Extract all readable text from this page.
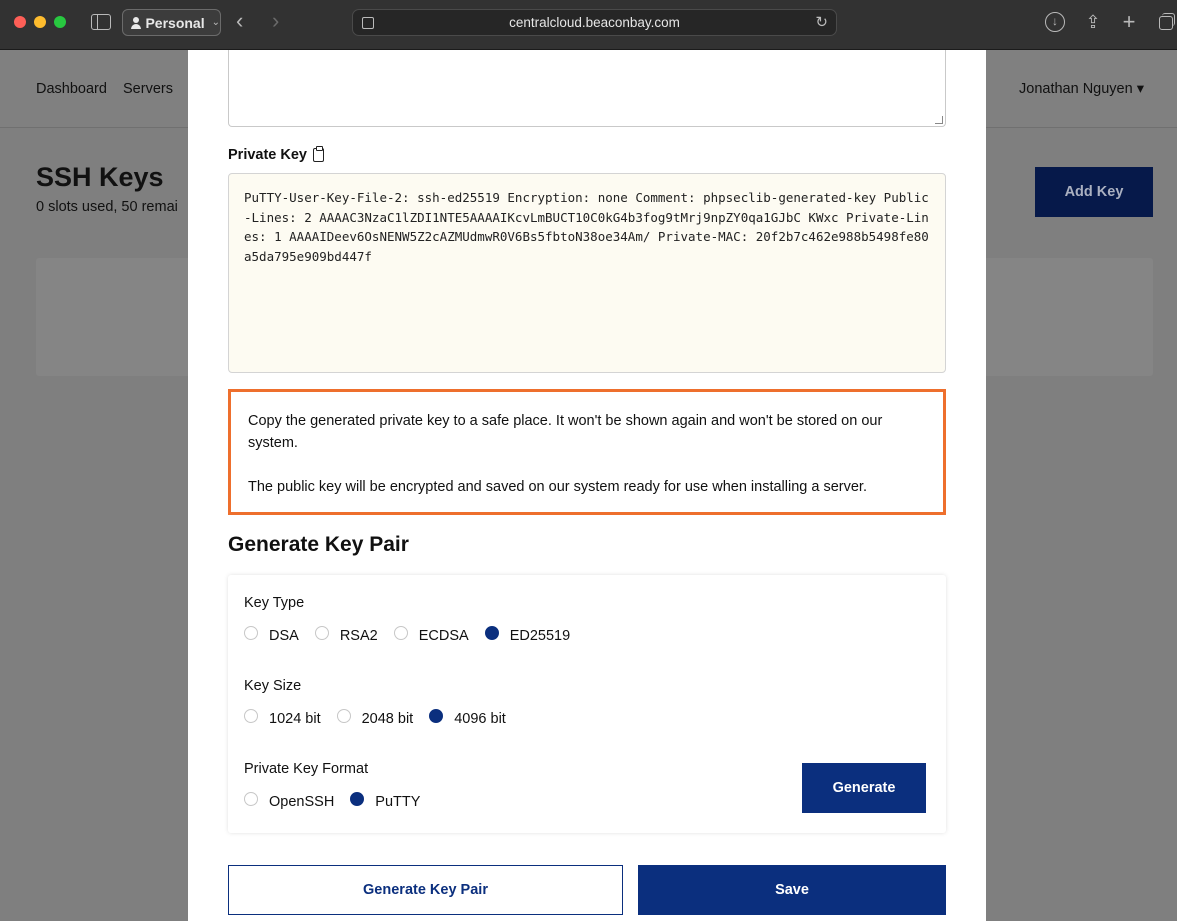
Personal ⌄ ‹ ›	centralcloud.beaconbay.com	↻	↓	⇪ +
Dashboard Servers	Jonathan Nguyen ▾
SSH Keys
0 slots used, 50 remai
Add Key
Private Key
PuTTY-User-Key-File-2: ssh-ed25519 Encryption: none Comment: phpseclib-generated-key Public-Lines: 2 AAAAC3NzaC1lZDI1NTE5AAAAIKcvLmBUCT10C0kG4b3fog9tMrj9npZY0qa1GJbC KWxc Private-Lines: 1 AAAAIDeev6OsNENW5Z2cAZMUdmwR0V6Bs5fbtoN38oe34Am/ Private-MAC: 20f2b7c462e988b5498fe80a5da795e909bd447f

Copy the generated private key to a safe place. It won't be shown again and won't be stored on our system.

The public key will be encrypted and saved on our system ready for use when installing a server.

Generate Key Pair
Key Type
DSA	RSA2	ECDSA	ED25519
Key Size
1024 bit	2048 bit	4096 bit
Private Key Format
OpenSSH	PuTTY
Generate
Generate Key Pair	Save
